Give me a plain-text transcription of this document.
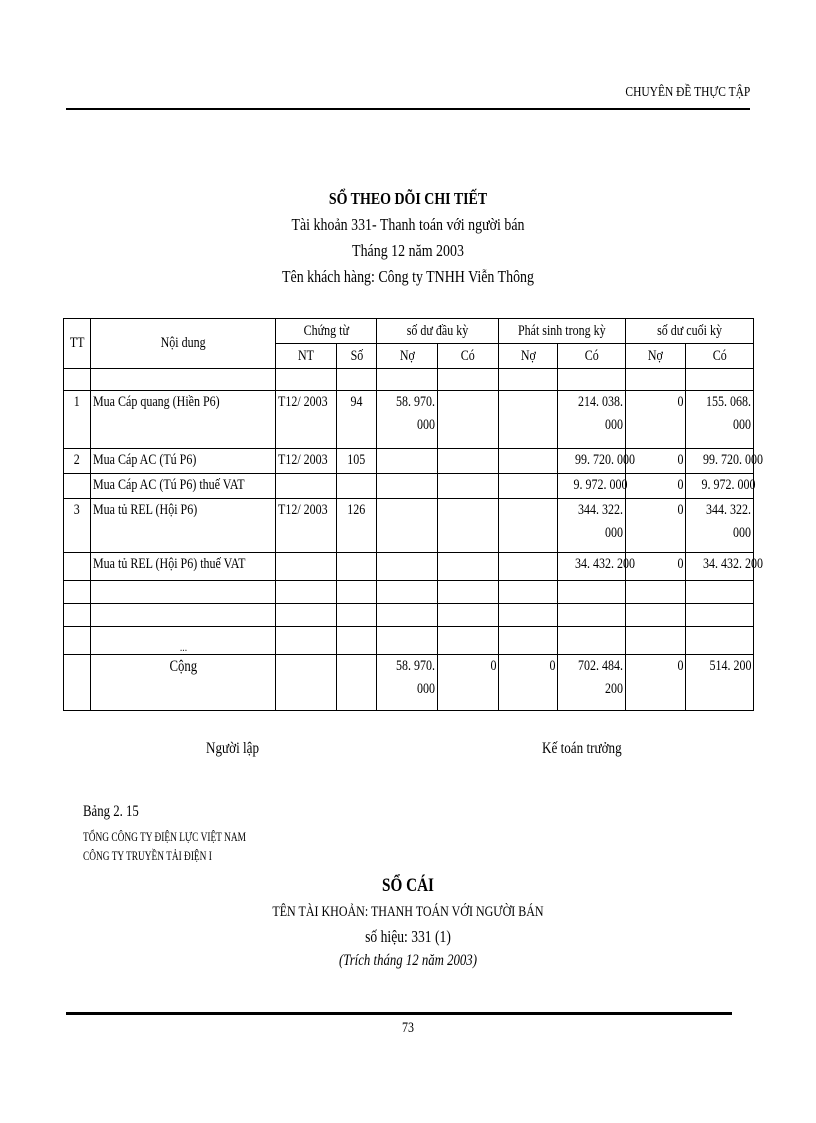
CHUYÊN ĐỀ THỰC TẬP
SỔ THEO DÕI CHI TIẾT
Tài khoản 331- Thanh toán với người bán
Tháng 12 năm 2003
Tên khách hàng: Công ty TNHH Viễn Thông
TT	Nội dung	Chứng từ		số dư đầu kỳ		Phát sinh trong kỳ		số dư cuối kỳ	
		NT	Số	Nợ	Có	Nợ	Có	Nợ	Có

1	Mua Cáp quang (Hiền P6)	T12/ 2003	94	58. 970. 000			214. 038. 000	0	155. 068. 000
2	Mua Cáp AC (Tú P6)	T12/ 2003	105				99. 720. 000	0	99. 720. 000
	Mua Cáp AC (Tú P6) thuế VAT						9. 972. 000	0	9. 972. 000
3	Mua tủ REL (Hội P6)	T12/ 2003	126				344. 322. 000	0	344. 322. 000
	Mua tủ REL (Hội P6) thuế VAT						34. 432. 200	0	34. 432. 200

	...								
	Cộng			58. 970. 000	0	0	702. 484. 200	0	514. 200
Người lập	Kế toán trưởng
Bảng 2. 15
TỔNG CÔNG TY ĐIỆN LỰC VIỆT NAM
CÔNG TY TRUYỀN TẢI ĐIỆN I
SỔ CÁI
TÊN TÀI KHOẢN: THANH TOÁN VỚI NGƯỜI BÁN
số hiệu: 331 (1)
(Trích tháng 12 năm 2003)
73
